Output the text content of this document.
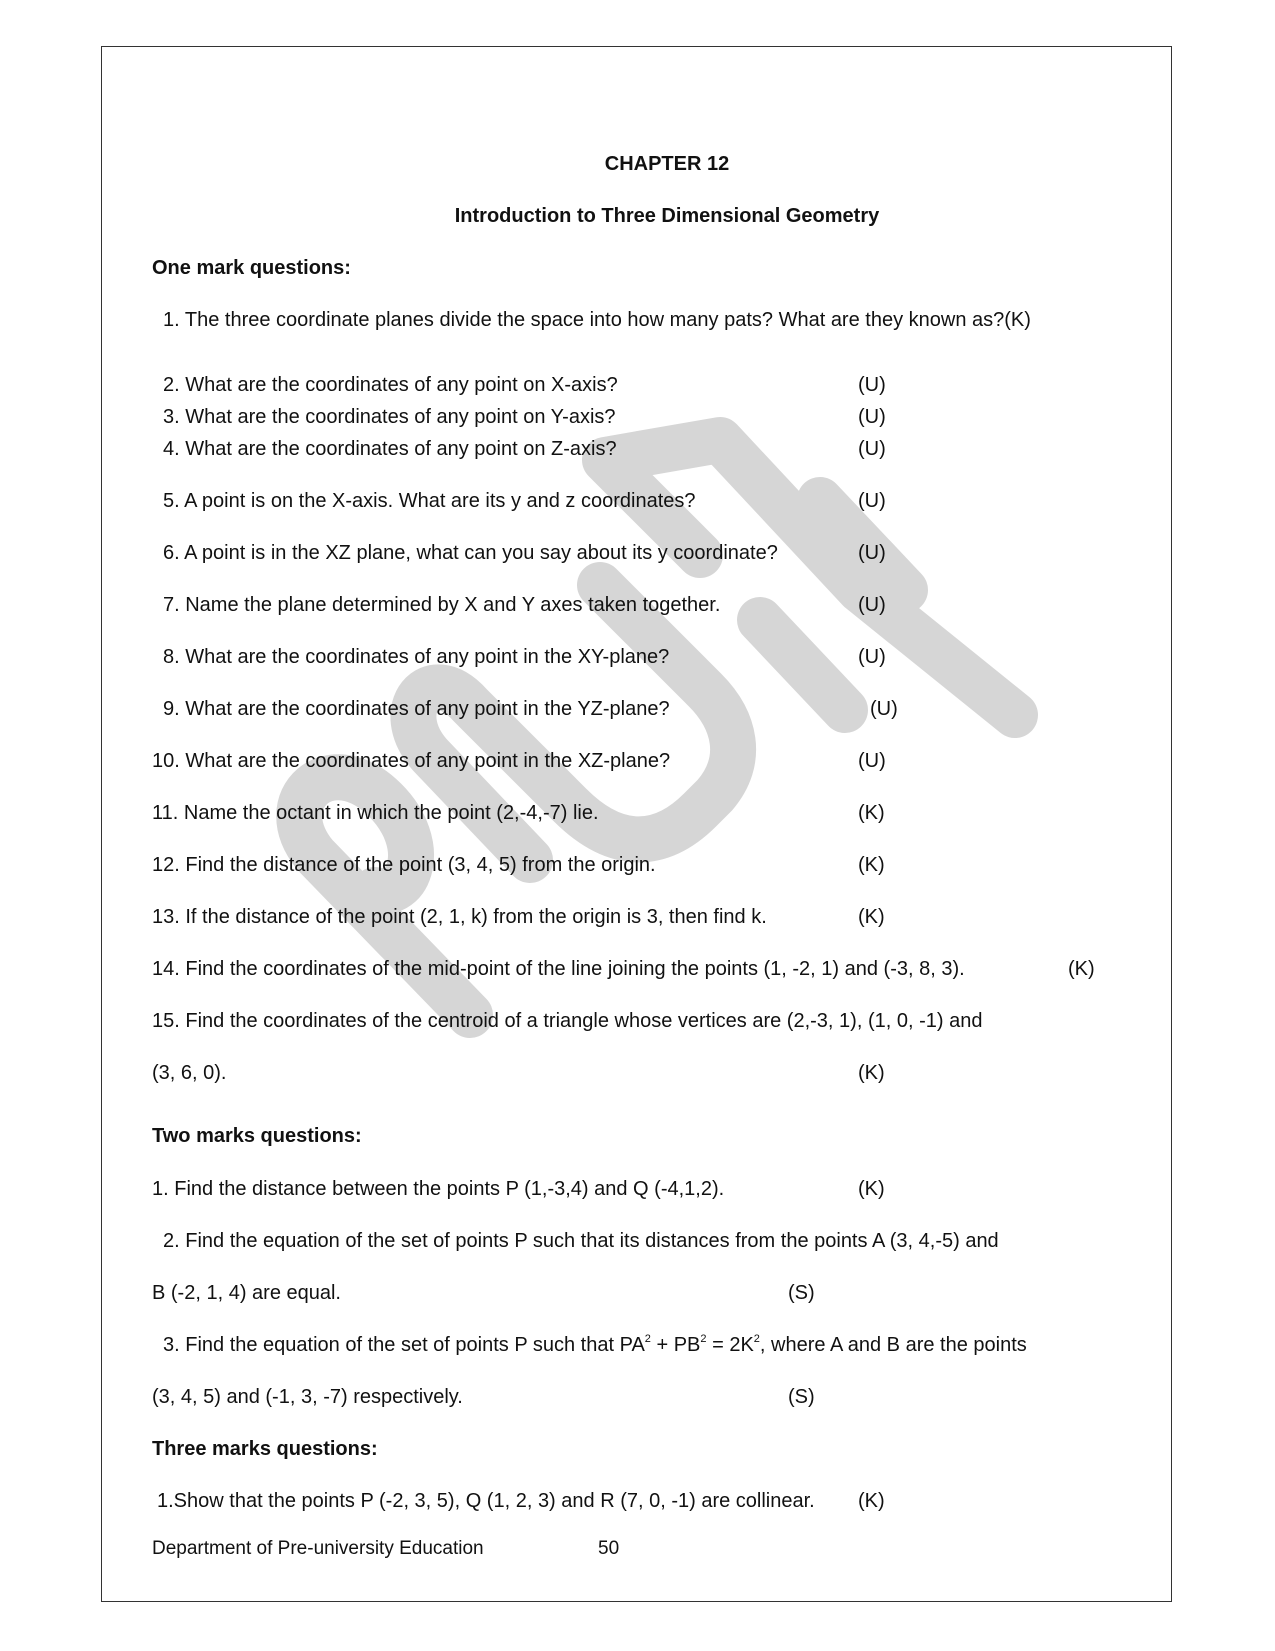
CHAPTER 12
Introduction to Three Dimensional Geometry
One mark questions:
1. The three coordinate planes divide the space into how many pats? What are they known as?(K)
2. What are the coordinates of any point on X-axis?	(U)
3. What are the coordinates of any point on Y-axis?	(U)
4. What are the coordinates of any point on Z-axis?	(U)
5. A point is on the X-axis. What are its y and z coordinates?	(U)
6. A point is in the XZ plane, what can you say about its y coordinate?	(U)
7. Name the plane determined by X and Y axes taken together.	(U)
8. What are the coordinates of any point in the XY-plane?	(U)
9. What are the coordinates of any point in the YZ-plane?	(U)
10. What are the coordinates of any point in the XZ-plane?	(U)
11. Name the octant in which the point (2,-4,-7) lie.	(K)
12. Find the distance of the point (3, 4, 5) from the origin.	(K)
13. If the distance of the point (2, 1, k) from the origin is 3, then find k.	(K)
14. Find the coordinates of the mid-point of the line joining the points (1, -2, 1) and (-3, 8, 3).	(K)
15. Find the coordinates of the centroid of a triangle whose vertices are (2,-3, 1), (1, 0, -1) and
(3, 6, 0).	(K)
Two marks questions:
1. Find the distance between the points P (1,-3,4) and Q (-4,1,2).	(K)
2. Find the equation of the set of points P such that its distances from the points A (3, 4,-5) and
B (-2, 1, 4) are equal.	(S)
3. Find the equation of the set of points P such that $PA^2 + PB^2 = 2K^2$, where A and B are the points
(3, 4, 5) and (-1, 3, -7) respectively.	(S)
Three marks questions:
1.Show that the points P (-2, 3, 5), Q (1, 2, 3) and R (7, 0, -1) are collinear. (K)
Department of Pre-university Education	50
